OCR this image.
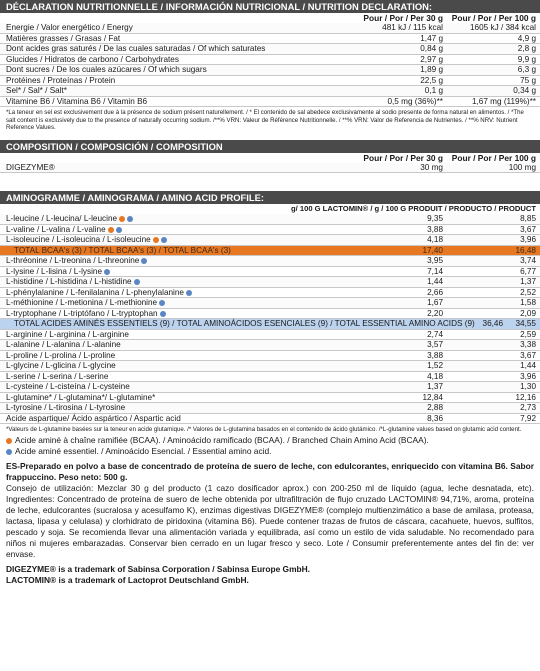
DÉCLARATION NUTRITIONNELLE / INFORMACIÓN NUTRICIONAL / NUTRITION DECLARATION:
Pour / Por / Per 30 g	Pour / Por / Per 100 g
Energie / Valor energético / Energy	481 kJ / 115 kcal	1605 kJ / 384 kcal
Matières grasses / Grasas / Fat	1,47 g	4,9 g
Dont acides gras saturés / De las cuales saturadas / Of which saturates	0,84 g	2,8 g
Glucides / Hidratos de carbono / Carbohydrates	2,97 g	9,9 g
Dont sucres / De los cuales azúcares / Of which sugars	1,89 g	6,3 g
Protéines / Proteínas / Protein	22,5 g	75 g
Sel* / Sal* / Salt*	0,1 g	0,34 g
Vitamine B6 / Vitamina B6 / Vitamin B6	0,5 mg (36%)**	1,67 mg (119%)**
*La teneur en sel est exclusivement due à la présence de sodium présent naturellement. / * El contenido de sal abedece exclusivamente al sodio presente de forma natural en alimentos. / *The salt content is exclusively due to the presence of naturally occurring sodium. /**% VRN: Valeur de Référence Nutritionnelle. / **% VRN: Valor de Referencia de Nutrientes. / **% NRV: Nutrient Reference Values.
COMPOSITION / COMPOSICIÓN / COMPOSITION
Pour / Por / Per 30 g	Pour / Por / Per 100 g
DIGEZYME®	30 mg	100 mg
AMINOGRAMME / AMINOGRAMA / AMINO ACID PROFILE:
g/ 100 G LACTOMIN® / g / 100 G PRODUIT / PRODUCTO / PRODUCT
L-leucine / L-leucina/ L-leucine	9,35	8,85
L-valine / L-valina / L-valine	3,88	3,67
L-isoleucine / L-isoleucina / L-isoleucine	4,18	3,96
TOTAL BCAA's (3) / TOTAL BCAA's (3) / TOTAL BCAA's (3)	17,40	16,48
L-thréonine / L-treonina / L-threonine	3,95	3,74
L-lysine / L-lisina / L-lysine	7,14	6,77
L-histidine / L-histidina / L-histidine	1,44	1,37
L-phénylalanine / L-fenilalanina / L-phenylalanine	2,66	2,52
L-méthionine / L-metionina / L-methionine	1,67	1,58
L-tryptophane / L-triptófano / L-tryptophan	2,20	2,09
TOTAL ACIDES AMINÉS ESSENTIELS (9) / TOTAL AMINOÁCIDOS ESENCIALES (9) / TOTAL ESSENTIAL AMINO ACIDS (9) 36,46	34,55
L-arginine / L-arginina / L-arginine	2,74	2,59
L-alanine / L-alanina / L-alanine	3,57	3,38
L-proline / L-prolina / L-proline	3,88	3,67
L-glycine / L-glicina / L-glycine	1,52	1,44
L-serine / L-serina / L-serine	4,18	3,96
L-cysteine / L-cisteína / L-cysteine	1,37	1,30
L-glutamine* / L-glutamina*/ L-glutamine*	12,84	12,16
L-tyrosine / L-tirosina / L-tyrosine	2,88	2,73
Acide aspartique/ Ácido aspártico / Aspartic acid	8,36	7,92
*Valeurs de L-glutamine basées sur la teneur en acide glutamique. /* Valores de L-glutamina basados en el contenido de ácido glutámico. /*L-glutamine values based on glutamic acid content.
Acide aminé à chaîne ramifiée (BCAA). / Aminoácido ramificado (BCAA). / Branched Chain Amino Acid (BCAA).
Acide aminé essentiel. / Aminoácido Esencial. / Essential amino acid.
ES-Preparado en polvo a base de concentrado de proteína de suero de leche, con edulcorantes, enriquecido con vitamina B6. Sabor frappuccino. Peso neto: 500 g.
Consejo de utilización: Mezclar 30 g del producto (1 cazo dosificador aprox.) con 200-250 ml de líquido (agua, leche desnatada, etc). Ingredientes: Concentrado de proteína de suero de leche obtenida por ultrafiltración de flujo cruzado LACTOMIN® 94,71%, aroma, proteína de leche, edulcorantes (sucralosa y acesulfamo K), enzimas digestivas DIGEZYME® (complejo multienzimático a base de amilasa, proteasa, lactasa, lipasa y celulasa) y clorhidrato de piridoxina (vitamina B6). Puede contener trazas de frutos de cáscara, cacahuete, huevos, sulfitos, pescado y soja. Se recomienda llevar una alimentación variada y equilibrada, así como un estilo de vida saludable. No recomendado para niños ni mujeres embarazadas. Conservar bien cerrado en un lugar fresco y seco. Lote / Consumir preferentemente antes del fin de: ver envase.
DIGEZYME® is a trademark of Sabinsa Corporation / Sabinsa Europe GmbH.
LACTOMIN® is a trademark of Lactoprot Deutschland GmbH.
